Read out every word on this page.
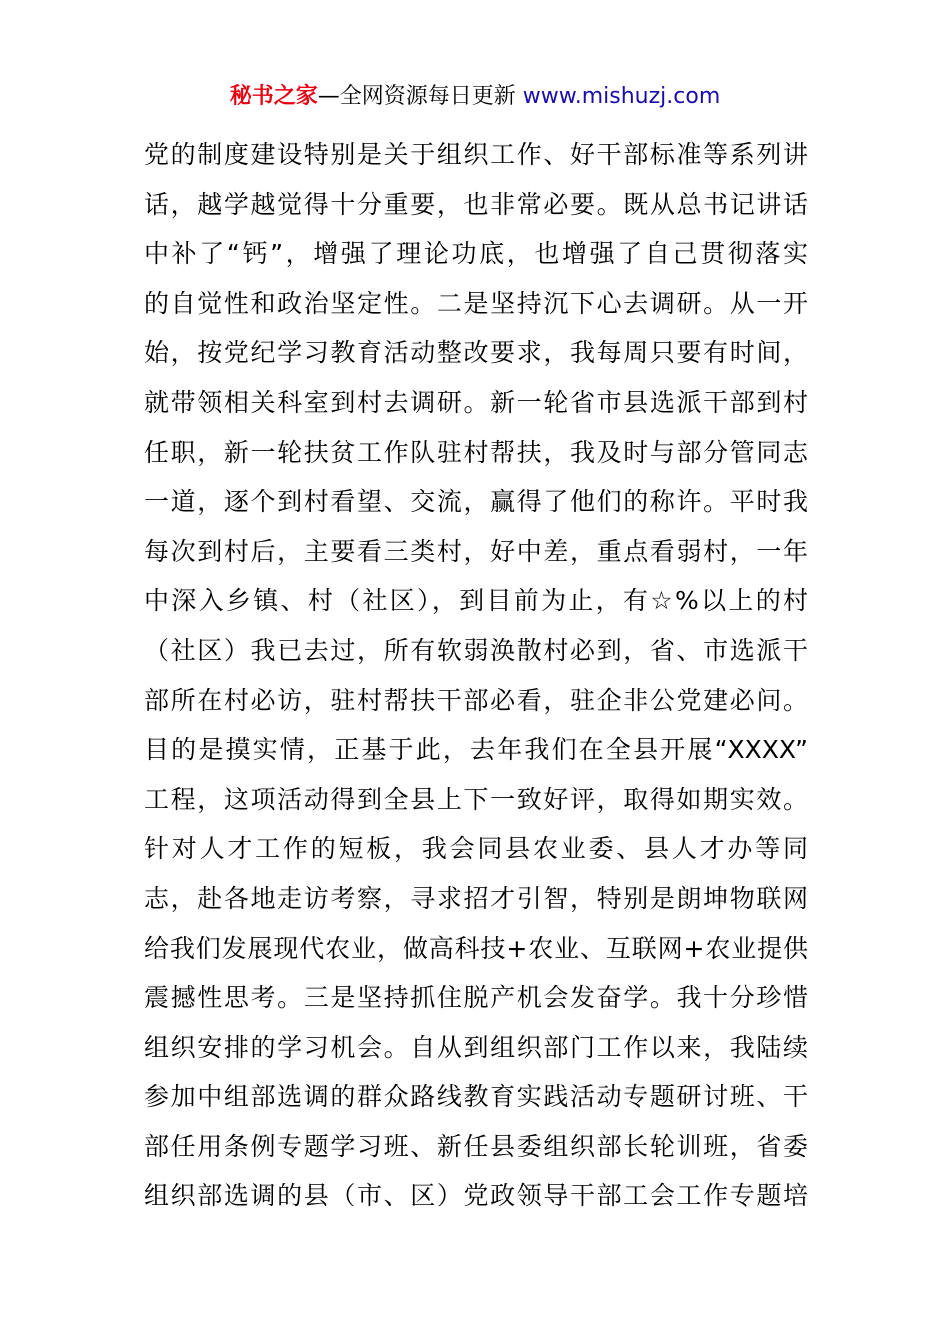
秘书之家—全网资源每日更新 www.mishuzj.com
党的制度建设特别是关于组织工作、好干部标准等系列讲
话，越学越觉得十分重要，也非常必要。既从总书记讲话
中补了“钙”，增强了理论功底，也增强了自己贯彻落实
的自觉性和政治坚定性。二是坚持沉下心去调研。从一开
始，按党纪学习教育活动整改要求，我每周只要有时间，
就带领相关科室到村去调研。新一轮省市县选派干部到村
任职，新一轮扶贫工作队驻村帮扶，我及时与部分管同志
一道，逐个到村看望、交流，赢得了他们的称许。平时我
每次到村后，主要看三类村，好中差，重点看弱村，一年
中深入乡镇、村（社区），到目前为止，有☆%以上的村
（社区）我已去过，所有软弱涣散村必到，省、市选派干
部所在村必访，驻村帮扶干部必看，驻企非公党建必问。
目的是摸实情，正基于此，去年我们在全县开展“XXXX”
工程，这项活动得到全县上下一致好评，取得如期实效。
针对人才工作的短板，我会同县农业委、县人才办等同
志，赴各地走访考察，寻求招才引智，特别是朗坤物联网
给我们发展现代农业，做高科技+农业、互联网+农业提供
震撼性思考。三是坚持抓住脱产机会发奋学。我十分珍惜
组织安排的学习机会。自从到组织部门工作以来，我陆续
参加中组部选调的群众路线教育实践活动专题研讨班、干
部任用条例专题学习班、新任县委组织部长轮训班，省委
组织部选调的县（市、区）党政领导干部工会工作专题培
